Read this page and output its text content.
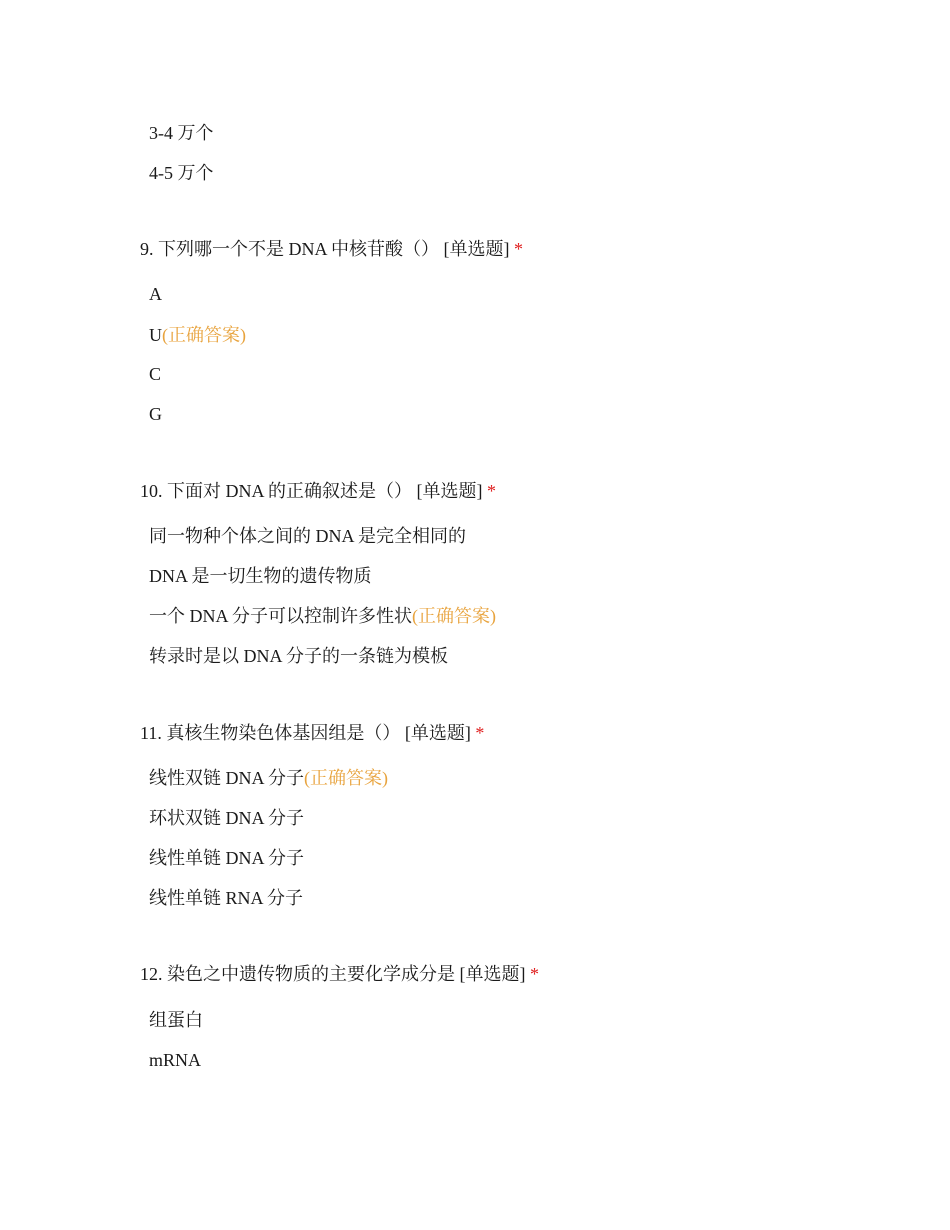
3-4 万个
4-5 万个
9. 下列哪一个不是 DNA 中核苷酸（） [单选题] *
A
U(正确答案)
C
G
10. 下面对 DNA 的正确叙述是（） [单选题] *
同一物种个体之间的 DNA 是完全相同的
DNA 是一切生物的遗传物质
一个 DNA 分子可以控制许多性状(正确答案)
转录时是以 DNA 分子的一条链为模板
11. 真核生物染色体基因组是（） [单选题] *
线性双链 DNA 分子(正确答案)
环状双链 DNA 分子
线性单链 DNA 分子
线性单链 RNA 分子
12. 染色之中遗传物质的主要化学成分是 [单选题] *
组蛋白
mRNA
